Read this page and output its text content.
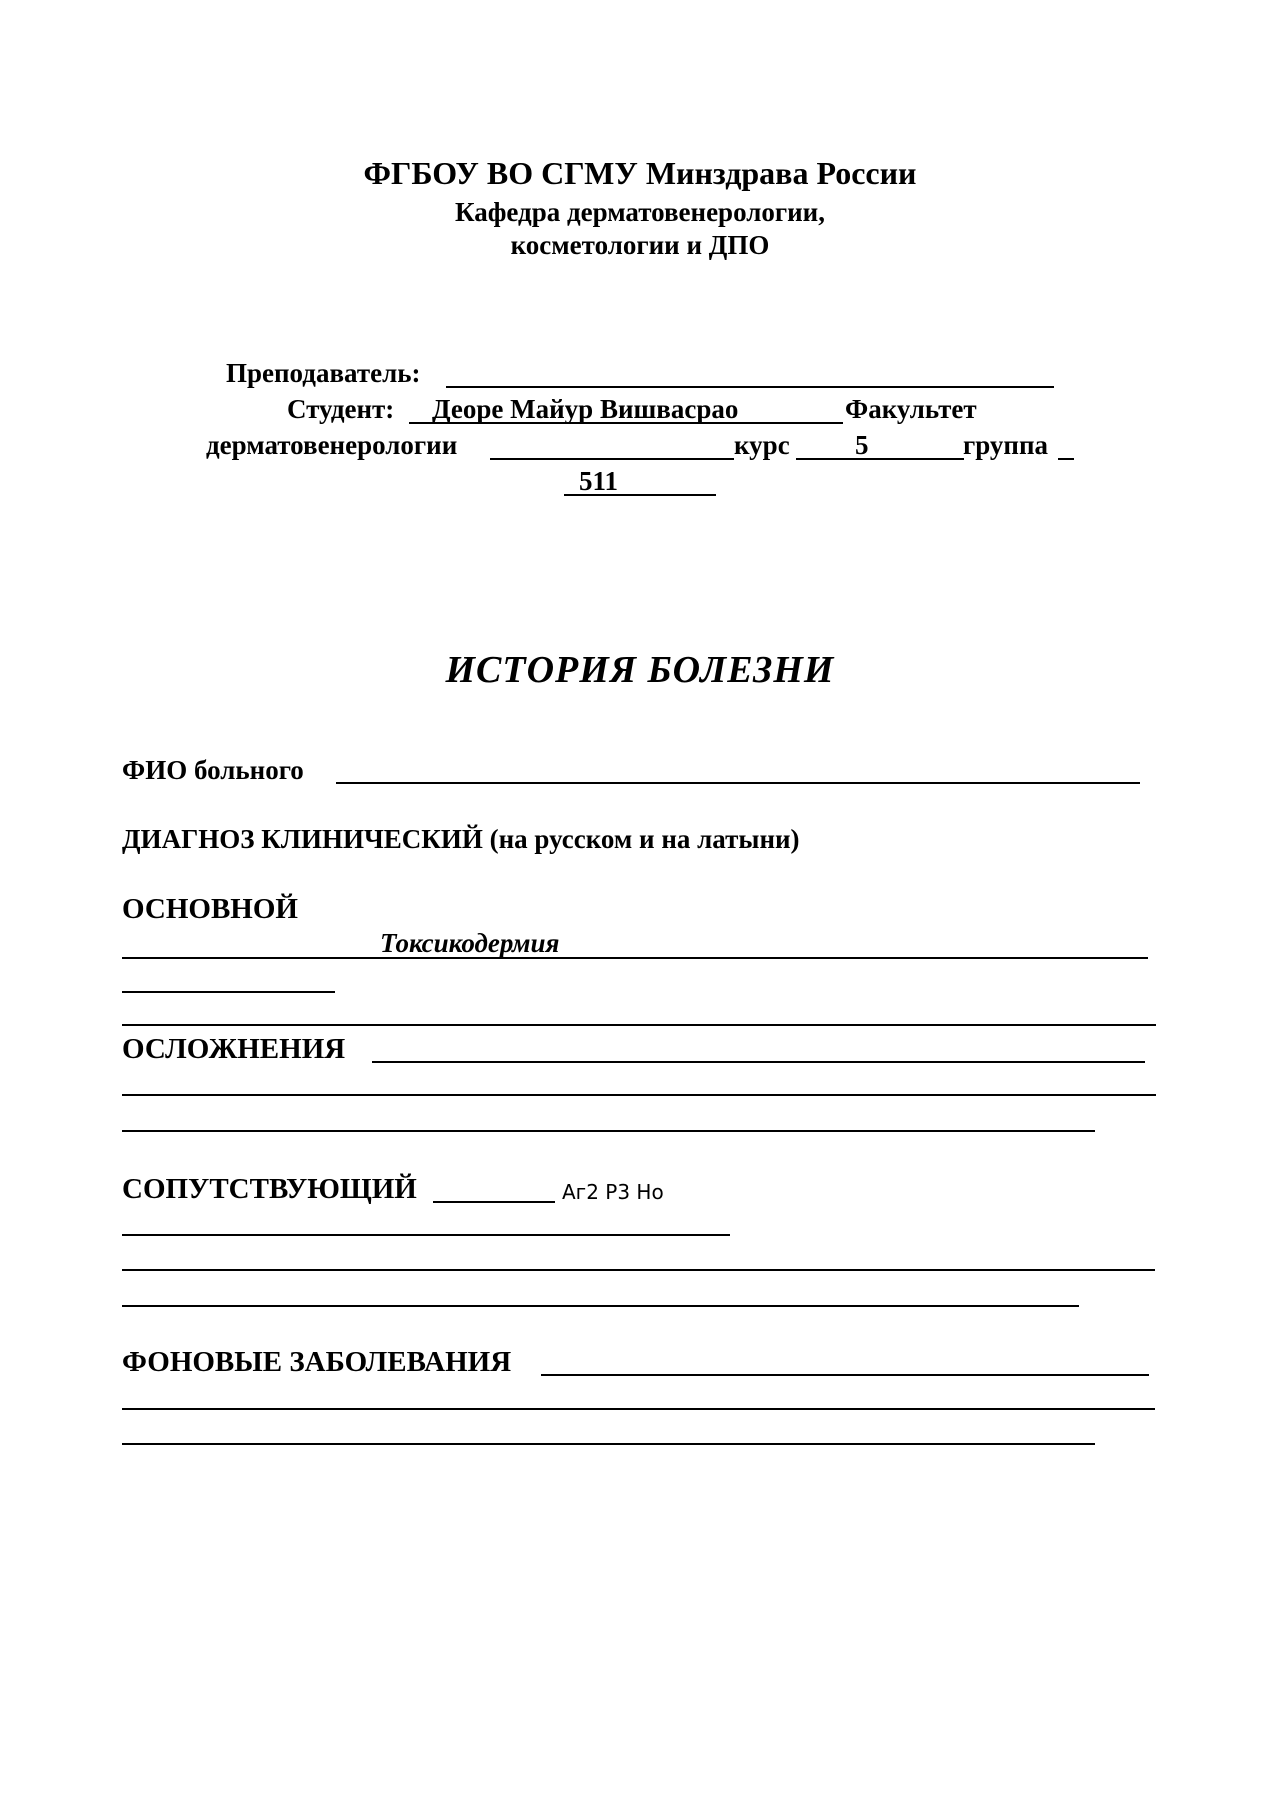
ФГБОУ ВО СГМУ Минздрава России
Кафедра дерматовенерологии,
косметологии и ДПО
Преподаватель:
Студент: Деоре Майур Вишвасрао	Факультет
дерматовенерологии	курс 5	группа
511
ИСТОРИЯ БОЛЕЗНИ
ФИО больного
ДИАГНОЗ КЛИНИЧЕСКИЙ (на русском и на латыни)
ОСНОВНОЙ
Токсикодермия
ОСЛОЖНЕНИЯ
СОПУТСТВУЮЩИЙ	Аг2 Р3 Но
ФОНОВЫЕ ЗАБОЛЕВАНИЯ
